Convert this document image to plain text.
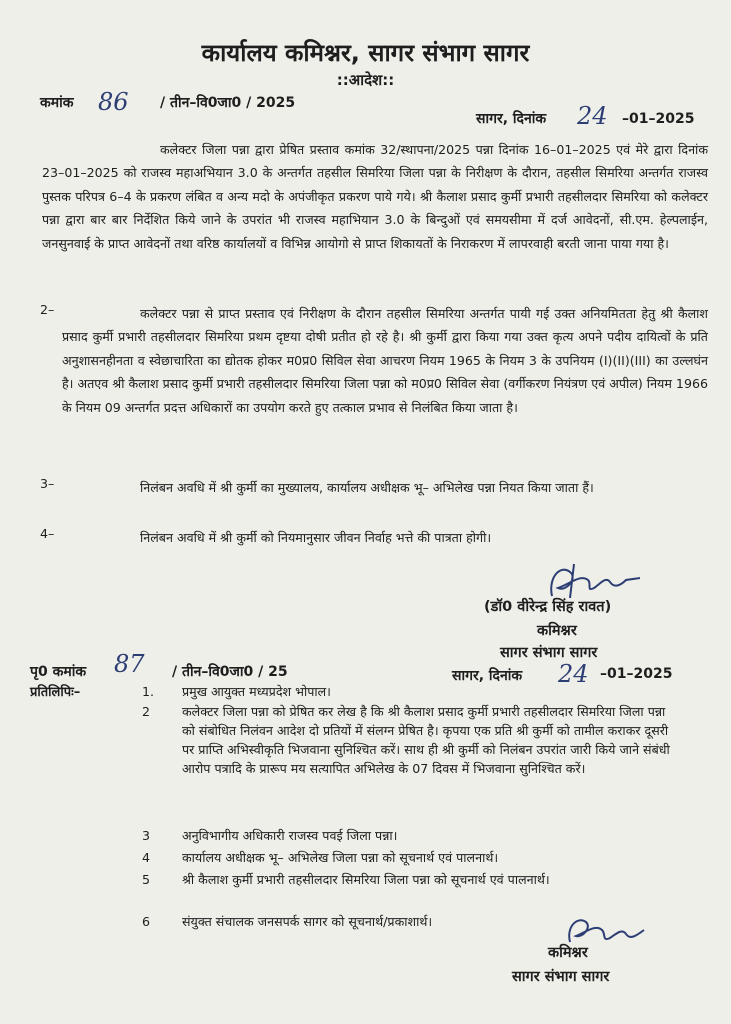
कार्यालय कमिश्नर, सागर संभाग सागर
::आदेश::
कमांक 86 / तीन–वि0जा0 / 2025
सागर, दिनांक 24 –01–2025
कलेक्टर जिला पन्ना द्वारा प्रेषित प्रस्ताव कमांक 32/स्थापना/2025 पन्ना दिनांक 16–01–2025 एवं मेरे द्वारा दिनांक 23–01–2025 को राजस्व महाअभियान 3.0 के अन्तर्गत तहसील सिमरिया जिला पन्ना के निरीक्षण के दौरान, तहसील सिमरिया अन्तर्गत राजस्व पुस्तक परिपत्र 6–4 के प्रकरण लंबित व अन्य मदो के अपंजीकृत प्रकरण पाये गये। श्री कैलाश प्रसाद कुर्मी प्रभारी तहसीलदार सिमरिया को कलेक्टर पन्ना द्वारा बार बार निर्देशित किये जाने के उपरांत भी राजस्व महाभियान 3.0 के बिन्दुओं एवं समयसीमा में दर्ज आवेदनों, सी.एम. हेल्पलाईन, जनसुनवाई के प्राप्त आवेदनों तथा वरिष्ठ कार्यालयों व विभिन्न आयोगो से प्राप्त शिकायतों के निराकरण में लापरवाही बरती जाना पाया गया है।
2–	कलेक्टर पन्ना से प्राप्त प्रस्ताव एवं निरीक्षण के दौरान तहसील सिमरिया अन्तर्गत पायी गई उक्त अनियमितता हेतु श्री कैलाश प्रसाद कुर्मी प्रभारी तहसीलदार सिमरिया प्रथम दृष्टया दोषी प्रतीत हो रहे है। श्री कुर्मी द्वारा किया गया उक्त कृत्य अपने पदीय दायित्वों के प्रति अनुशासनहीनता व स्वेछाचारिता का द्योतक होकर म0प्र0 सिविल सेवा आचरण नियम 1965 के नियम 3 के उपनियम (I)(II)(III) का उल्लघंन है। अतएव श्री कैलाश प्रसाद कुर्मी प्रभारी तहसीलदार सिमरिया जिला पन्ना को म0प्र0 सिविल सेवा (वर्गीकरण नियंत्रण एवं अपील) नियम 1966 के नियम 09 अन्तर्गत प्रदत्त अधिकारों का उपयोग करते हुए तत्काल प्रभाव से निलंबित किया जाता है।
3–	निलंबन अवधि में श्री कुर्मी का मुख्यालय, कार्यालय अधीक्षक भू– अभिलेख पन्ना नियत किया जाता हैं।
4–	निलंबन अवधि में श्री कुर्मी को नियमानुसार जीवन निर्वाह भत्ते की पात्रता होगी।
(डॉ0 वीरेन्द्र सिंह रावत)
कमिश्नर
सागर संभाग सागर
पृ0 कमांक 87 / तीन–वि0जा0 / 25	सागर, दिनांक 24 –01–2025
प्रतिलिपिः–	1. प्रमुख आयुक्त मध्यप्रदेश भोपाल।
2	कलेक्टर जिला पन्ना को प्रेषित कर लेख है कि श्री कैलाश प्रसाद कुर्मी प्रभारी तहसीलदार सिमरिया जिला पन्ना को संबोधित निलंवन आदेश दो प्रतियों में संलग्न प्रेषित है। कृपया एक प्रति श्री कुर्मी को तामील कराकर दूसरी पर प्राप्ति अभिस्वीकृति भिजवाना सुनिश्चित करें। साथ ही श्री कुर्मी को निलंबन उपरांत जारी किये जाने संबंधी आरोप पत्रादि के प्रारूप मय सत्यापित अभिलेख के 07 दिवस में भिजवाना सुनिश्चित करें।
3	अनुविभागीय अधिकारी राजस्व पवई जिला पन्ना।
4	कार्यालय अधीक्षक भू– अभिलेख जिला पन्ना को सूचनार्थ एवं पालनार्थ।
5	श्री कैलाश कुर्मी प्रभारी तहसीलदार सिमरिया जिला पन्ना को सूचनार्थ एवं पालनार्थ।
6	संयुक्त संचालक जनसपर्क सागर को सूचनार्थ/प्रकाशार्थ।
कमिश्नर
सागर संभाग सागर
